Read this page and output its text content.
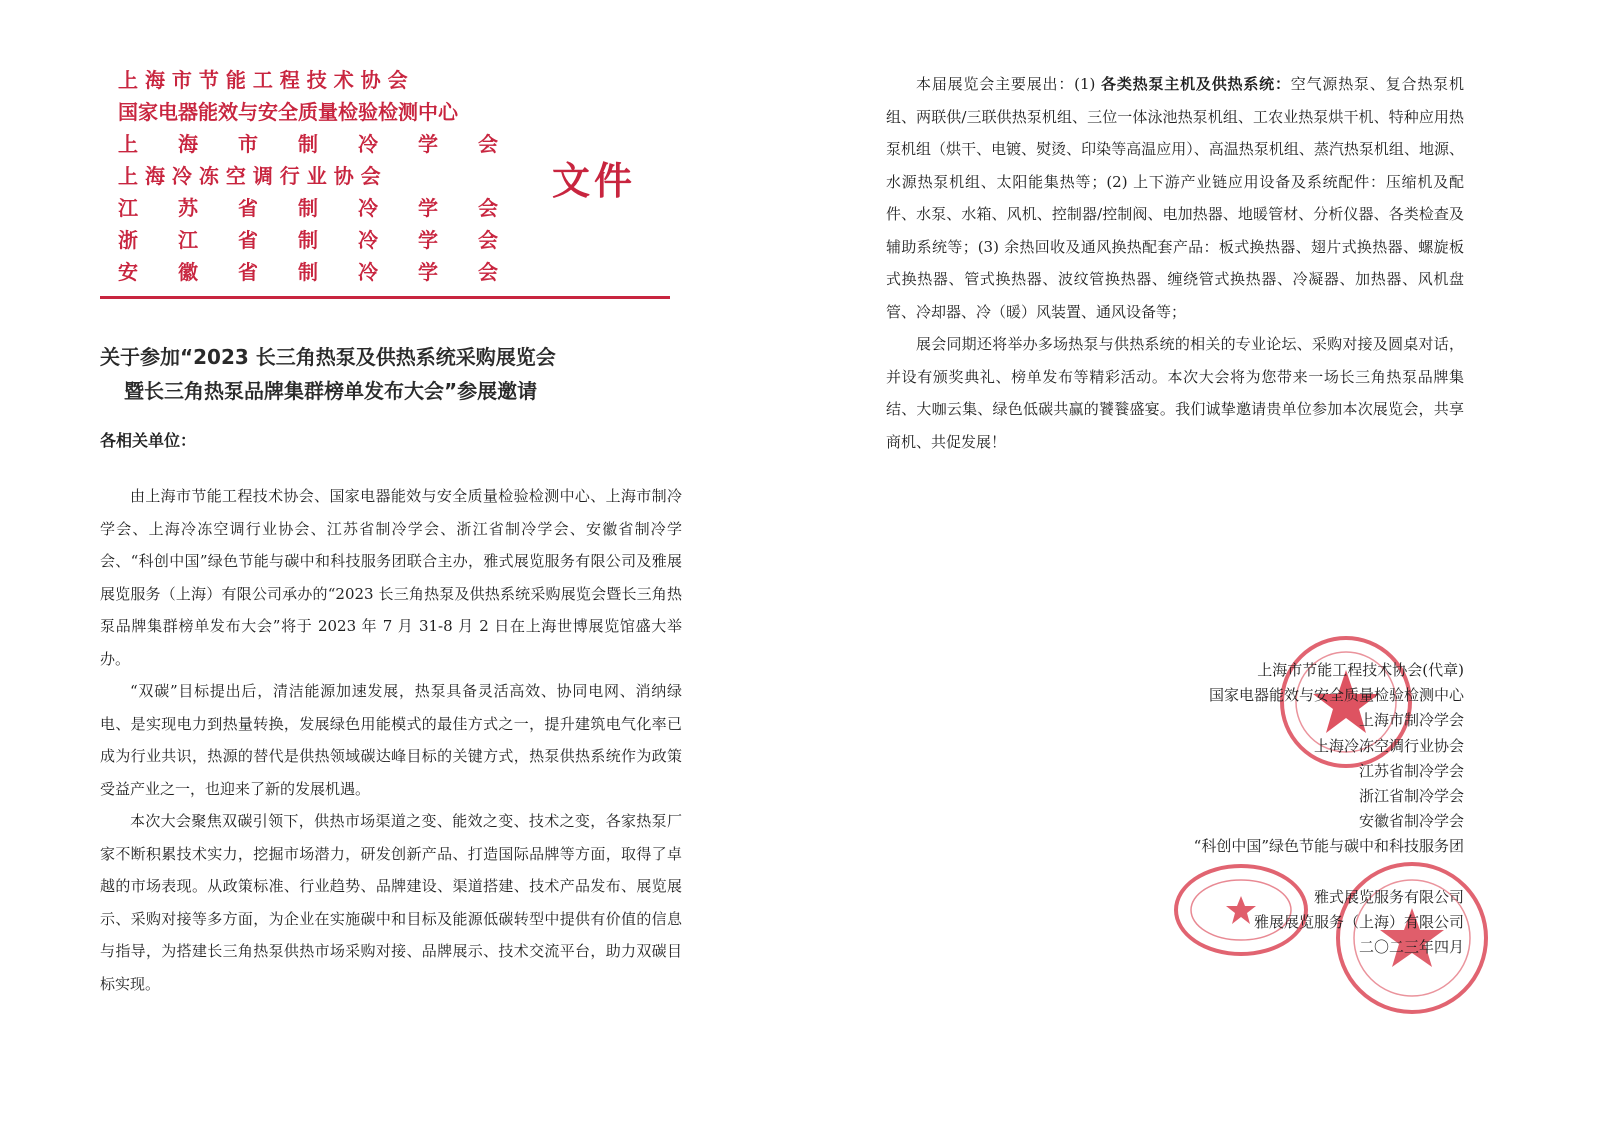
上 海 市 节 能 工 程 技 术 协 会
国家电器能效与安全质量检验检测中心
上　　海　　市　　制　　冷　　学　　会
上 海 冷 冻 空 调 行 业 协 会
江　　苏　　省　　制　　冷　　学　　会
浙　　江　　省　　制　　冷　　学　　会
安　　徽　　省　　制　　冷　　学　　会
文件
关于参加“2023 长三角热泵及供热系统采购展览会
暨长三角热泵品牌集群榜单发布大会”参展邀请
各相关单位：

由上海市节能工程技术协会、国家电器能效与安全质量检验检测中心、上海市制冷学会、上海冷冻空调行业协会、江苏省制冷学会、浙江省制冷学会、安徽省制冷学会、“科创中国”绿色节能与碳中和科技服务团联合主办，雅式展览服务有限公司及雅展展览服务（上海）有限公司承办的“2023 长三角热泵及供热系统采购展览会暨长三角热泵品牌集群榜单发布大会”将于 2023 年 7 月 31-8 月 2 日在上海世博展览馆盛大举办。

“双碳”目标提出后，清洁能源加速发展，热泵具备灵活高效、协同电网、消纳绿电、是实现电力到热量转换，发展绿色用能模式的最佳方式之一，提升建筑电气化率已成为行业共识，热源的替代是供热领域碳达峰目标的关键方式，热泵供热系统作为政策受益产业之一，也迎来了新的发展机遇。

本次大会聚焦双碳引领下，供热市场渠道之变、能效之变、技术之变，各家热泵厂家不断积累技术实力，挖掘市场潜力，研发创新产品、打造国际品牌等方面，取得了卓越的市场表现。从政策标准、行业趋势、品牌建设、渠道搭建、技术产品发布、展览展示、采购对接等多方面，为企业在实施碳中和目标及能源低碳转型中提供有价值的信息与指导，为搭建长三角热泵供热市场采购对接、品牌展示、技术交流平台，助力双碳目标实现。

本届展览会主要展出：(1) 各类热泵主机及供热系统：空气源热泵、复合热泵机组、两联供/三联供热泵机组、三位一体泳池热泵机组、工农业热泵烘干机、特种应用热泵机组（烘干、电镀、熨烫、印染等高温应用）、高温热泵机组、蒸汽热泵机组、地源、水源热泵机组、太阳能集热等；(2) 上下游产业链应用设备及系统配件：压缩机及配件、水泵、水箱、风机、控制器/控制阀、电加热器、地暖管材、分析仪器、各类检查及辅助系统等；(3) 余热回收及通风换热配套产品：板式换热器、翅片式换热器、螺旋板式换热器、管式换热器、波纹管换热器、缠绕管式换热器、冷凝器、加热器、风机盘管、冷却器、冷（暖）风装置、通风设备等；

展会同期还将举办多场热泵与供热系统的相关的专业论坛、采购对接及圆桌对话，并设有颁奖典礼、榜单发布等精彩活动。本次大会将为您带来一场长三角热泵品牌集结、大咖云集、绿色低碳共赢的饕餮盛宴。我们诚挚邀请贵单位参加本次展览会，共享商机、共促发展！

上海市节能工程技术协会(代章)
国家电器能效与安全质量检验检测中心
上海市制冷学会
上海冷冻空调行业协会
江苏省制冷学会
浙江省制冷学会
安徽省制冷学会
“科创中国”绿色节能与碳中和科技服务团

雅式展览服务有限公司
雅展展览服务（上海）有限公司
二〇二三年四月
